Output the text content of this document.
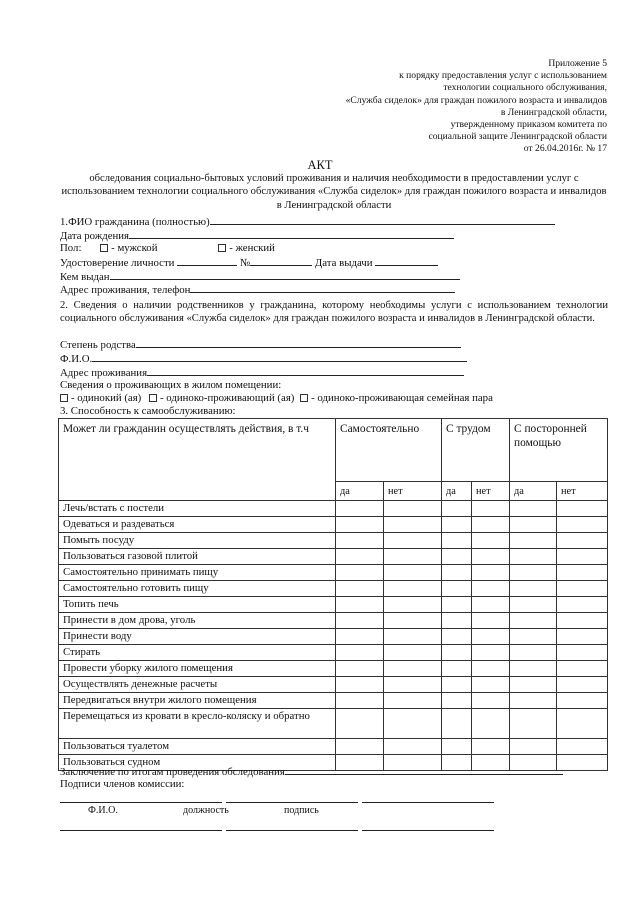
Приложение 5
к порядку предоставления услуг с использованием
технологии социального обслуживания,
«Служба сиделок» для граждан пожилого возраста и инвалидов
в Ленинградской области,
утвержденному приказом комитета по
социальной защите Ленинградской области
от 26.04.2016г. № 17
АКТ
обследования социально-бытовых условий проживания и наличия необходимости в предоставлении услуг с использованием технологии социального обслуживания «Служба сиделок» для граждан пожилого возраста и инвалидов в Ленинградской области
1.ФИО гражданина (полностью)
Дата рождения
Пол:	- мужской	- женский
Удостоверение личности	№	Дата выдачи
Кем выдан
Адрес проживания, телефон
2. Сведения о наличии родственников у гражданина, которому необходимы услуги с использованием технологии социального обслуживания «Служба сиделок» для граждан пожилого возраста и инвалидов в Ленинградской области.
Степень родства
Ф.И.О.
Адрес проживания
Сведения о проживающих в жилом помещении:
- одинокий (ая) - одиноко-проживающий (ая) - одиноко-проживающая семейная пара
3. Способность к самообслуживанию:
Может ли гражданин осуществлять действия, в т.ч	Самостоятельно		С трудом		С посторонней помощью	
	да	нет	да	нет	да	нет
Лечь/встать с постели						
Одеваться и раздеваться						
Помыть посуду						
Пользоваться газовой плитой						
Самостоятельно принимать пищу						
Самостоятельно готовить пищу						
Топить печь						
Принести в дом дрова, уголь						
Принести воду						
Стирать						
Провести уборку жилого помещения						
Осуществлять денежные расчеты						
Передвигаться внутри жилого помещения						
Перемещаться из кровати в кресло-коляску и обратно						
Пользоваться туалетом						
Пользоваться судном						
Заключение по итогам проведения обследования
Подписи членов комиссии:
Ф.И.О.	должность	подпись
